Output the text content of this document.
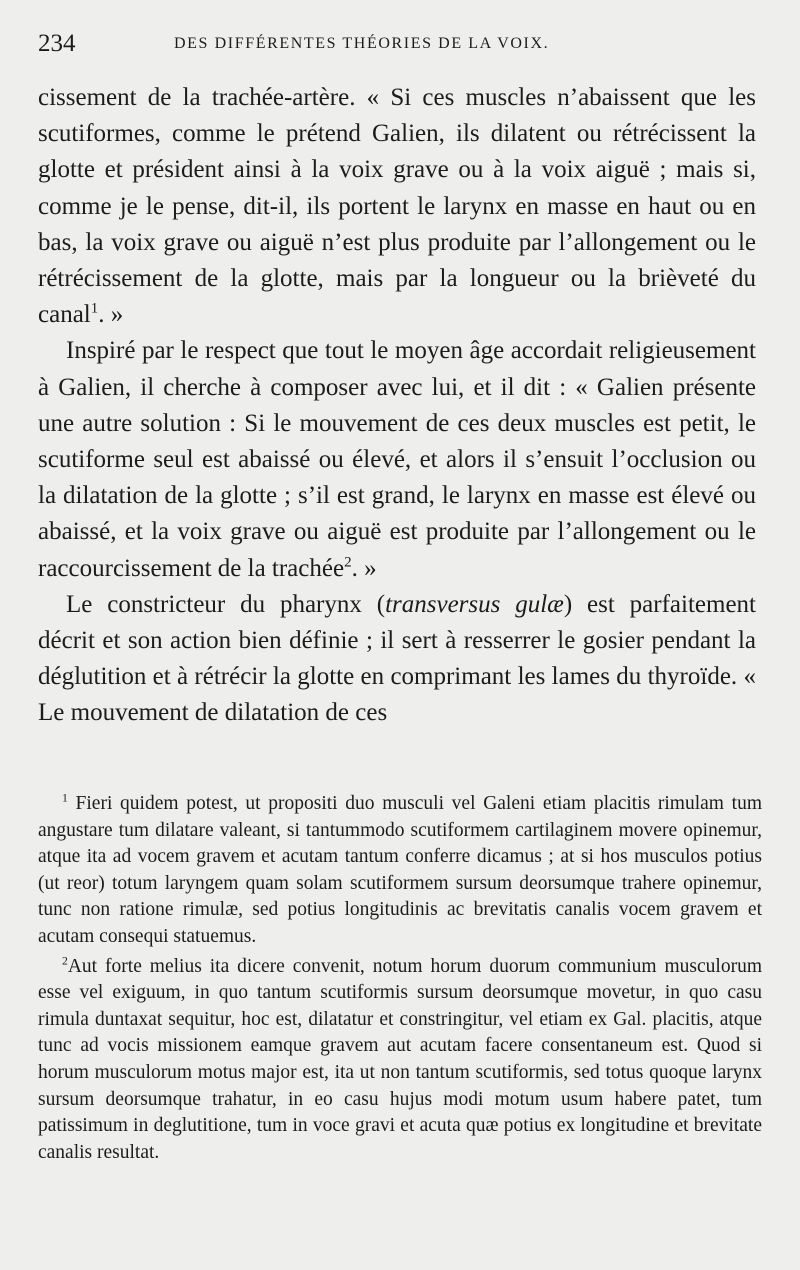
234	DES DIFFÉRENTES THÉORIES DE LA VOIX.

cissement de la trachée-artère. « Si ces muscles n’abaissent que les scutiformes, comme le prétend Galien, ils dilatent ou rétrécissent la glotte et président ainsi à la voix grave ou à la voix aiguë ; mais si, comme je le pense, dit-il, ils portent le larynx en masse en haut ou en bas, la voix grave ou aiguë n’est plus produite par l’allongement ou le rétrécissement de la glotte, mais par la longueur ou la brièveté du canal$^1$. »

Inspiré par le respect que tout le moyen âge accordait religieusement à Galien, il cherche à composer avec lui, et il dit : « Galien présente une autre solution : Si le mouvement de ces deux muscles est petit, le scutiforme seul est abaissé ou élevé, et alors il s’ensuit l’occlusion ou la dilatation de la glotte ; s’il est grand, le larynx en masse est élevé ou abaissé, et la voix grave ou aiguë est produite par l’allongement ou le raccourcissement de la trachée$^2$. »

Le constricteur du pharynx (transversus gulæ) est parfaitement décrit et son action bien définie ; il sert à resserrer le gosier pendant la déglutition et à rétrécir la glotte en comprimant les lames du thyroïde. « Le mouvement de dilatation de ces

$^1$ Fieri quidem potest, ut propositi duo musculi vel Galeni etiam placitis rimulam tum angustare tum dilatare valeant, si tantummodo scutiformem cartilaginem movere opinemur, atque ita ad vocem gravem et acutam tantum conferre dicamus ; at si hos musculos potius (ut reor) totum laryngem quam solam scutiformem sursum deorsumque trahere opinemur, tunc non ratione rimulæ, sed potius longitudinis ac brevitatis canalis vocem gravem et acutam consequi statuemus.

$^2$Aut forte melius ita dicere convenit, notum horum duorum communium musculorum esse vel exiguum, in quo tantum scutiformis sursum deorsumque movetur, in quo casu rimula duntaxat sequitur, hoc est, dilatatur et constringitur, vel etiam ex Gal. placitis, atque tunc ad vocis missionem eamque gravem aut acutam facere consentaneum est. Quod si horum musculorum motus major est, ita ut non tantum scutiformis, sed totus quoque larynx sursum deorsumque trahatur, in eo casu hujus modi motum usum habere patet, tum patissimum in deglutitione, tum in voce gravi et acuta quæ potius ex longitudine et brevitate canalis resultat.
